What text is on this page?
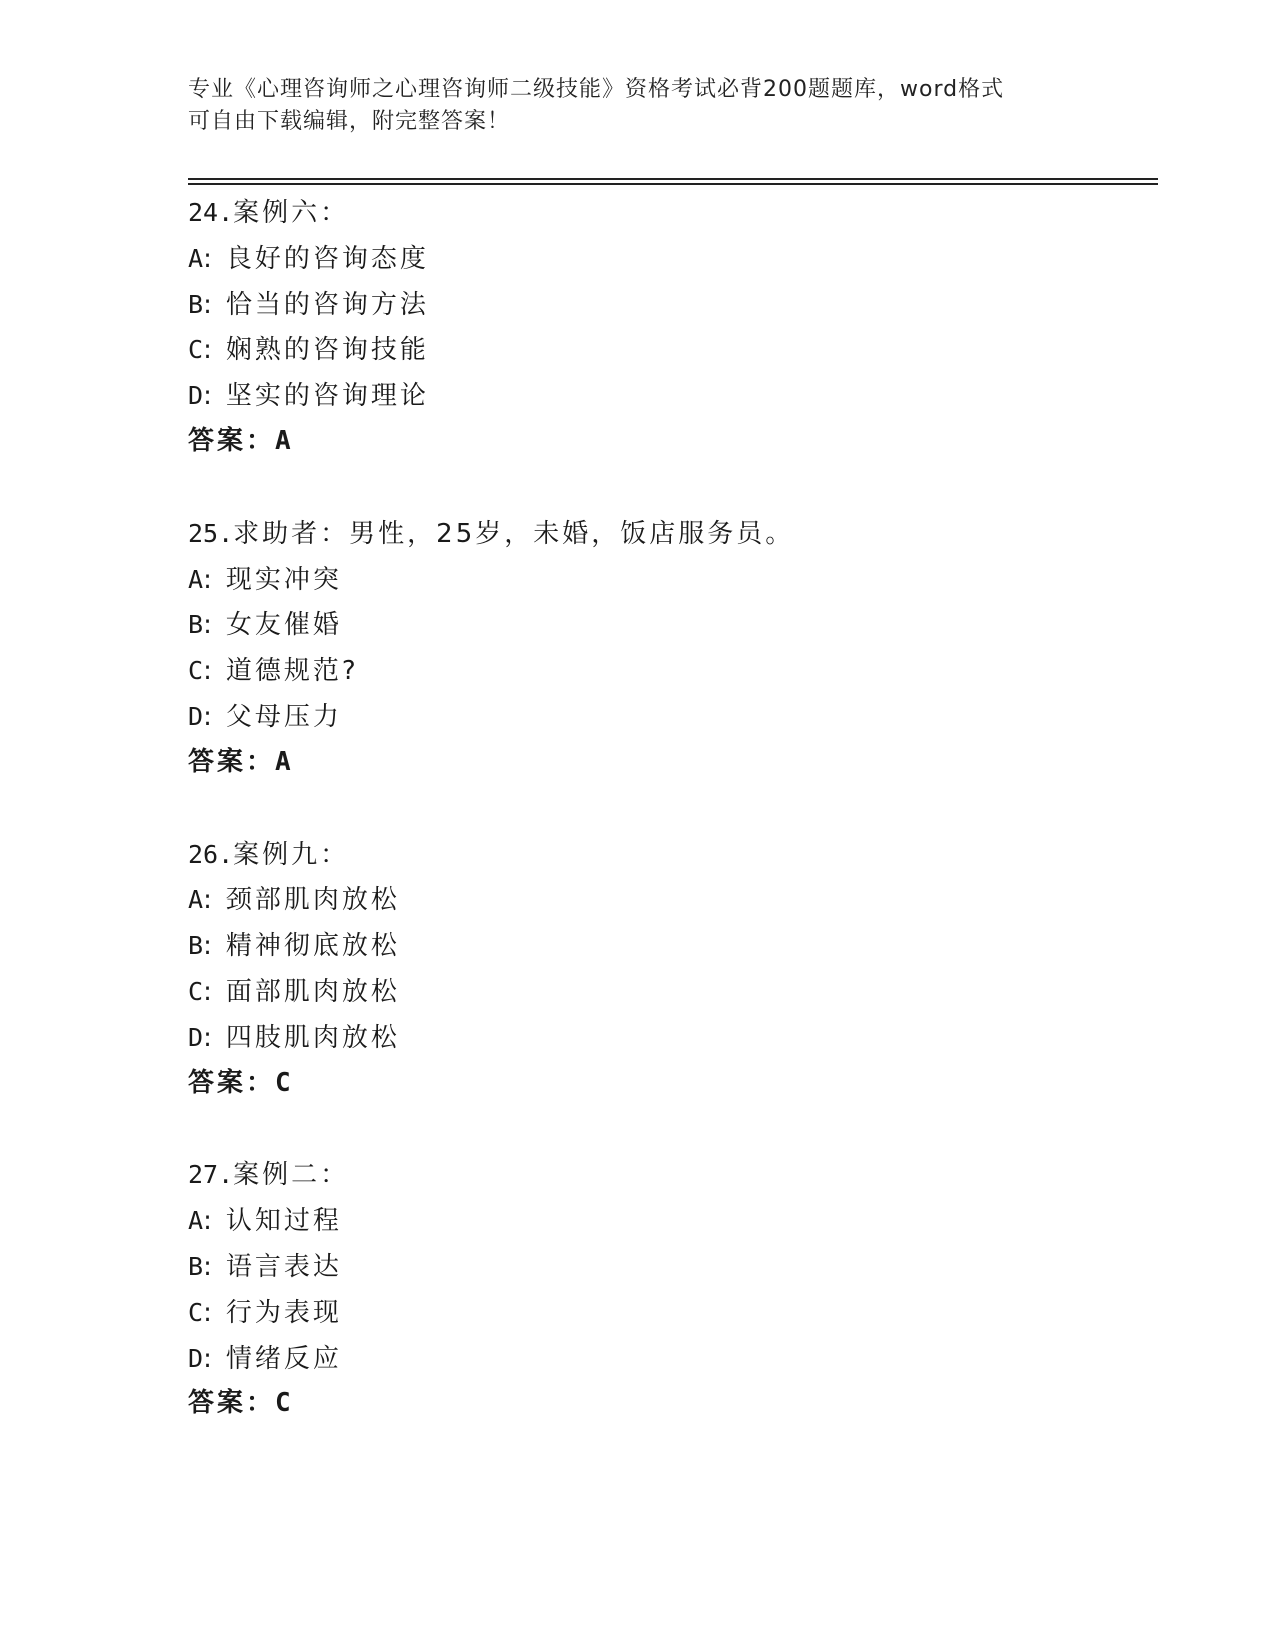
专业《心理咨询师之心理咨询师二级技能》资格考试必背200题题库，word格式
可自由下载编辑，附完整答案！
24.案例六：
A: 良好的咨询态度
B: 恰当的咨询方法
C: 娴熟的咨询技能
D: 坚实的咨询理论
答案：A
25.求助者：男性，25岁，未婚，饭店服务员。
A: 现实冲突
B: 女友催婚
C: 道德规范?
D: 父母压力
答案：A
26.案例九：
A: 颈部肌肉放松
B: 精神彻底放松
C: 面部肌肉放松
D: 四肢肌肉放松
答案：C
27.案例二：
A: 认知过程
B: 语言表达
C: 行为表现
D: 情绪反应
答案：C
